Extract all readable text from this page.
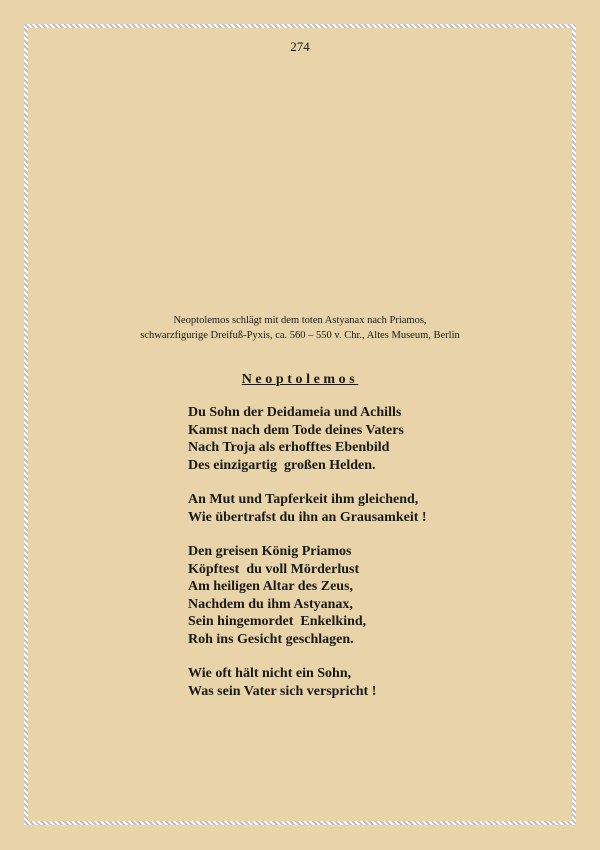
274
Neoptolemos schlägt mit dem toten Astyanax nach Priamos,
schwarzfigurige Dreifuß-Pyxis, ca. 560 – 550 v. Chr., Altes Museum, Berlin
Neoptolemos
Du Sohn der Deidameia und Achills
Kamst nach dem Tode deines Vaters
Nach Troja als erhofftes Ebenbild
Des einzigartig  großen Helden.
An Mut und Tapferkeit ihm gleichend,
Wie übertrafst du ihn an Grausamkeit !
Den greisen König Priamos
Köpftest  du voll Mörderlust
Am heiligen Altar des Zeus,
Nachdem du ihm Astyanax,
Sein hingemordet  Enkelkind,
Roh ins Gesicht geschlagen.
Wie oft hält nicht ein Sohn,
Was sein Vater sich verspricht !
